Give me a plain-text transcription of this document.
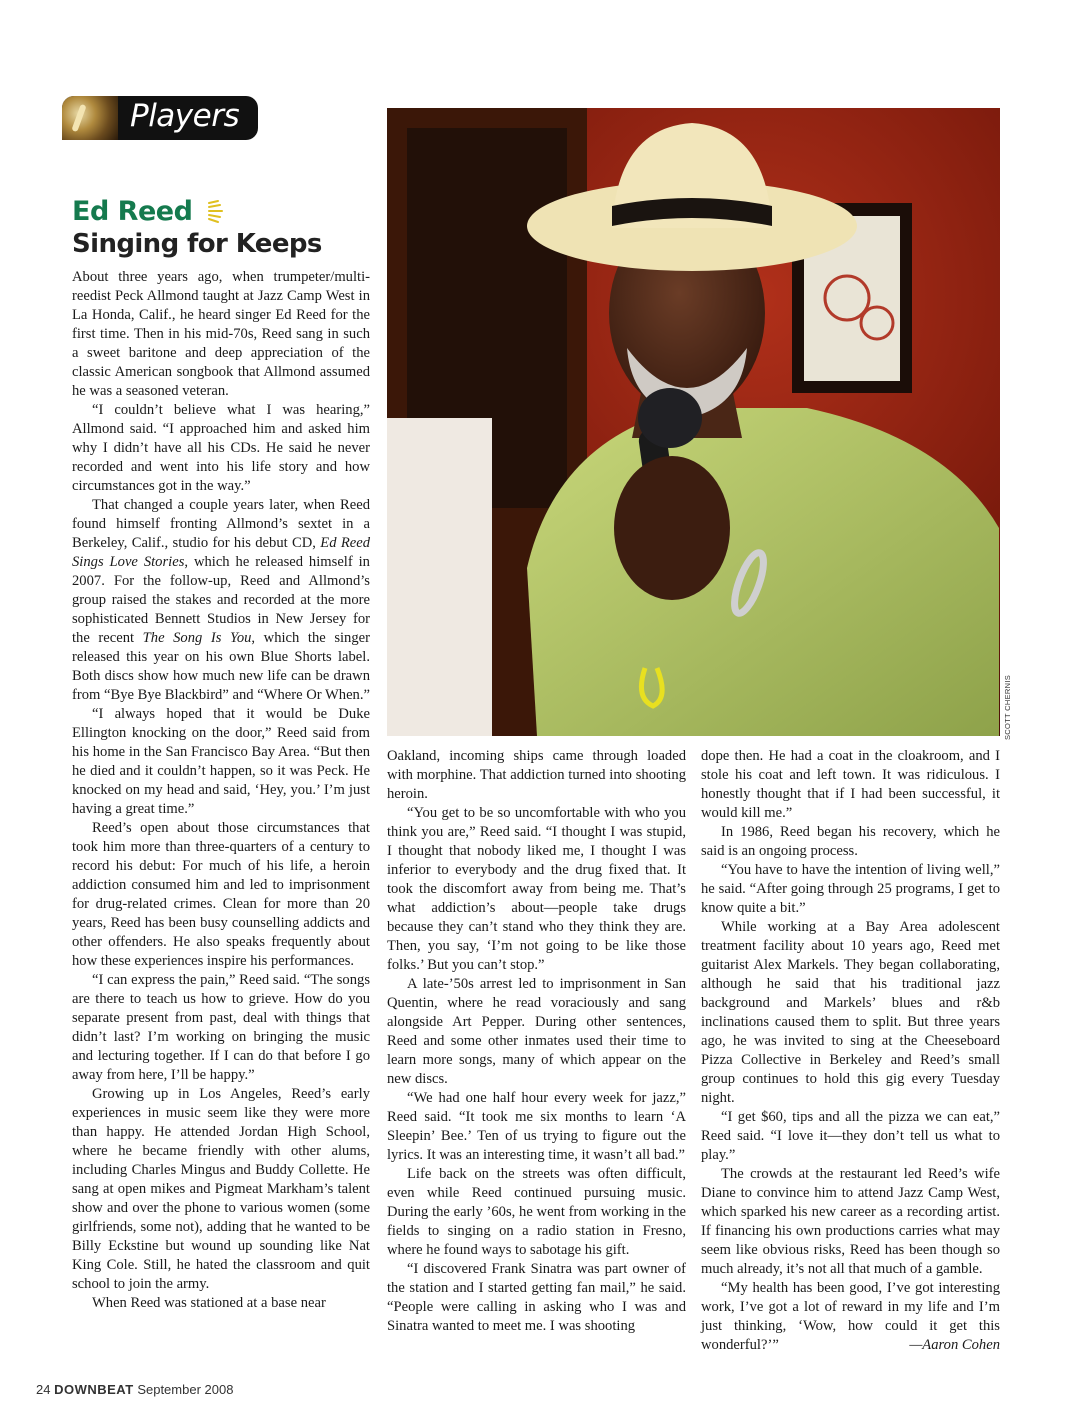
Players
Ed Reed
Singing for Keeps
SCOTT CHERNIS

About three years ago, when trumpeter/multi-reedist Peck Allmond taught at Jazz Camp West in La Honda, Calif., he heard singer Ed Reed for the first time. Then in his mid-70s, Reed sang in such a sweet baritone and deep appreciation of the classic American songbook that Allmond assumed he was a seasoned veteran.

“I couldn’t believe what I was hearing,” Allmond said. “I approached him and asked him why I didn’t have all his CDs. He said he never recorded and went into his life story and how circumstances got in the way.”

That changed a couple years later, when Reed found himself fronting Allmond’s sextet in a Berkeley, Calif., studio for his debut CD, Ed Reed Sings Love Stories, which he released himself in 2007. For the follow-up, Reed and Allmond’s group raised the stakes and recorded at the more sophisticated Bennett Studios in New Jersey for the recent The Song Is You, which the singer released this year on his own Blue Shorts label. Both discs show how much new life can be drawn from “Bye Bye Blackbird” and “Where Or When.”

“I always hoped that it would be Duke Ellington knocking on the door,” Reed said from his home in the San Francisco Bay Area. “But then he died and it couldn’t happen, so it was Peck. He knocked on my head and said, ‘Hey, you.’ I’m just having a great time.”

Reed’s open about those circumstances that took him more than three-quarters of a century to record his debut: For much of his life, a heroin addiction consumed him and led to imprisonment for drug-related crimes. Clean for more than 20 years, Reed has been busy counselling addicts and other offenders. He also speaks frequently about how these experiences inspire his performances.

“I can express the pain,” Reed said. “The songs are there to teach us how to grieve. How do you separate present from past, deal with things that didn’t last? I’m working on bringing the music and lecturing together. If I can do that before I go away from here, I’ll be happy.”

Growing up in Los Angeles, Reed’s early experiences in music seem like they were more than happy. He attended Jordan High School, where he became friendly with other alums, including Charles Mingus and Buddy Collette. He sang at open mikes and Pigmeat Markham’s talent show and over the phone to various women (some girlfriends, some not), adding that he wanted to be Billy Eckstine but wound up sounding like Nat King Cole. Still, he hated the classroom and quit school to join the army.

When Reed was stationed at a base near

Oakland, incoming ships came through loaded with morphine. That addiction turned into shooting heroin.

“You get to be so uncomfortable with who you think you are,” Reed said. “I thought I was stupid, I thought that nobody liked me, I thought I was inferior to everybody and the drug fixed that. It took the discomfort away from being me. That’s what addiction’s about—people take drugs because they can’t stand who they think they are. Then, you say, ‘I’m not going to be like those folks.’ But you can’t stop.”

A late-’50s arrest led to imprisonment in San Quentin, where he read voraciously and sang alongside Art Pepper. During other sentences, Reed and some other inmates used their time to learn more songs, many of which appear on the new discs.

“We had one half hour every week for jazz,” Reed said. “It took me six months to learn ‘A Sleepin’ Bee.’ Ten of us trying to figure out the lyrics. It was an interesting time, it wasn’t all bad.”

Life back on the streets was often difficult, even while Reed continued pursuing music. During the early ’60s, he went from working in the fields to singing on a radio station in Fresno, where he found ways to sabotage his gift.

“I discovered Frank Sinatra was part owner of the station and I started getting fan mail,” he said. “People were calling in asking who I was and Sinatra wanted to meet me. I was shooting

dope then. He had a coat in the cloakroom, and I stole his coat and left town. It was ridiculous. I honestly thought that if I had been successful, it would kill me.”

In 1986, Reed began his recovery, which he said is an ongoing process.

“You have to have the intention of living well,” he said. “After going through 25 programs, I get to know quite a bit.”

While working at a Bay Area adolescent treatment facility about 10 years ago, Reed met guitarist Alex Markels. They began collaborating, although he said that his traditional jazz background and Markels’ blues and r&b inclinations caused them to split. But three years ago, he was invited to sing at the Cheeseboard Pizza Collective in Berkeley and Reed’s small group continues to hold this gig every Tuesday night.

“I get $60, tips and all the pizza we can eat,” Reed said. “I love it—they don’t tell us what to play.”

The crowds at the restaurant led Reed’s wife Diane to convince him to attend Jazz Camp West, which sparked his new career as a recording artist. If financing his own productions carries what may seem like obvious risks, Reed has been though so much already, it’s not all that much of a gamble.

“My health has been good, I’ve got interesting work, I’ve got a lot of reward in my life and I’m just thinking, ‘Wow, how could it get this wonderful?’”	—Aaron Cohen

24 DOWNBEAT September 2008
